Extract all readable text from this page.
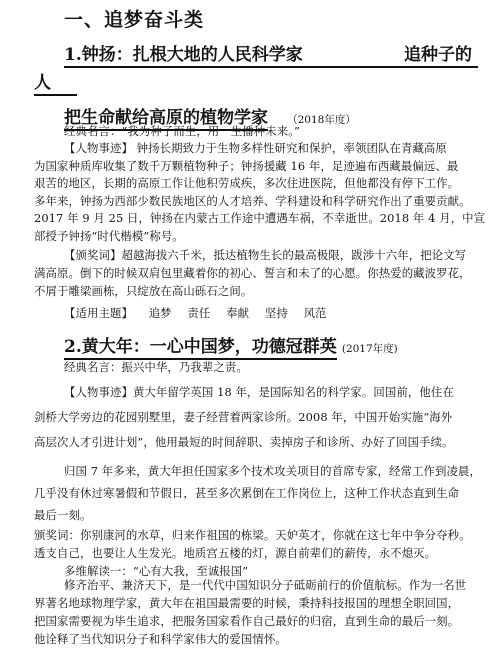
一、追梦奋斗类
1.钟扬：扎根大地的人民科学家	追种子的
人
把生命献给高原的植物学家 （2018年度）
经典名言：“我为种子而生，用一生播种未来。”
【人物事迹】 钟扬长期致力于生物多样性研究和保护，率领团队在青藏高原
为国家种质库收集了数千万颗植物种子；钟扬援藏 16 年，足迹遍布西藏最偏远、最
艰苦的地区，长期的高原工作让他积劳成疾，多次住进医院，但他都没有停下工作。
多年来，钟扬为西部少数民族地区的人才培养、学科建设和科学研究作出了重要贡献。
2017 年 9 月 25 日，钟扬在内蒙古工作途中遭遇车祸，不幸逝世。2018 年 4 月，中宣
部授予钟扬“时代楷模”称号。
【颁奖词】超越海拔六千米，抵达植物生长的最高极限，跋涉十六年，把论文写
满高原。倒下的时候双肩包里藏着你的初心、誓言和未了的心愿。你热爱的藏波罗花，
不屑于雕梁画栋，只绽放在高山砾石之间。
【适用主题】 追梦 责任 奉献 坚持 风范
2.黄大年：一心中国梦，功德冠群英 (2017年度)
经典名言：振兴中华，乃我辈之责。
【人物事迹】黄大年留学英国 18 年，是国际知名的科学家。回国前，他住在
剑桥大学旁边的花园别墅里，妻子经营着两家诊所。2008 年，中国开始实施“海外
高层次人才引进计划”，他用最短的时间辞职、卖掉房子和诊所、办好了回国手续。
归国 7 年多来，黄大年担任国家多个技术攻关项目的首席专家，经常工作到凌晨，
几乎没有休过寒暑假和节假日，甚至多次累倒在工作岗位上，这种工作状态直到生命
最后一刻。
颁奖词：你别康河的水草，归来作祖国的栋梁。天妒英才，你就在这七年中争分夺秒。
透支自己，也要让人生发光。地质宫五楼的灯，源自前辈们的薪传，永不熄灭。
多维解读一：“心有大我，至诚报国”
修齐治平、兼济天下，是一代代中国知识分子砥砺前行的价值航标。作为一名世
界著名地球物理学家，黄大年在祖国最需要的时候，秉持科技报国的理想全职回国，
把国家需要视为毕生追求，把服务国家看作自己最好的归宿，直到生命的最后一刻。
他诠释了当代知识分子和科学家伟大的爱国情怀。
